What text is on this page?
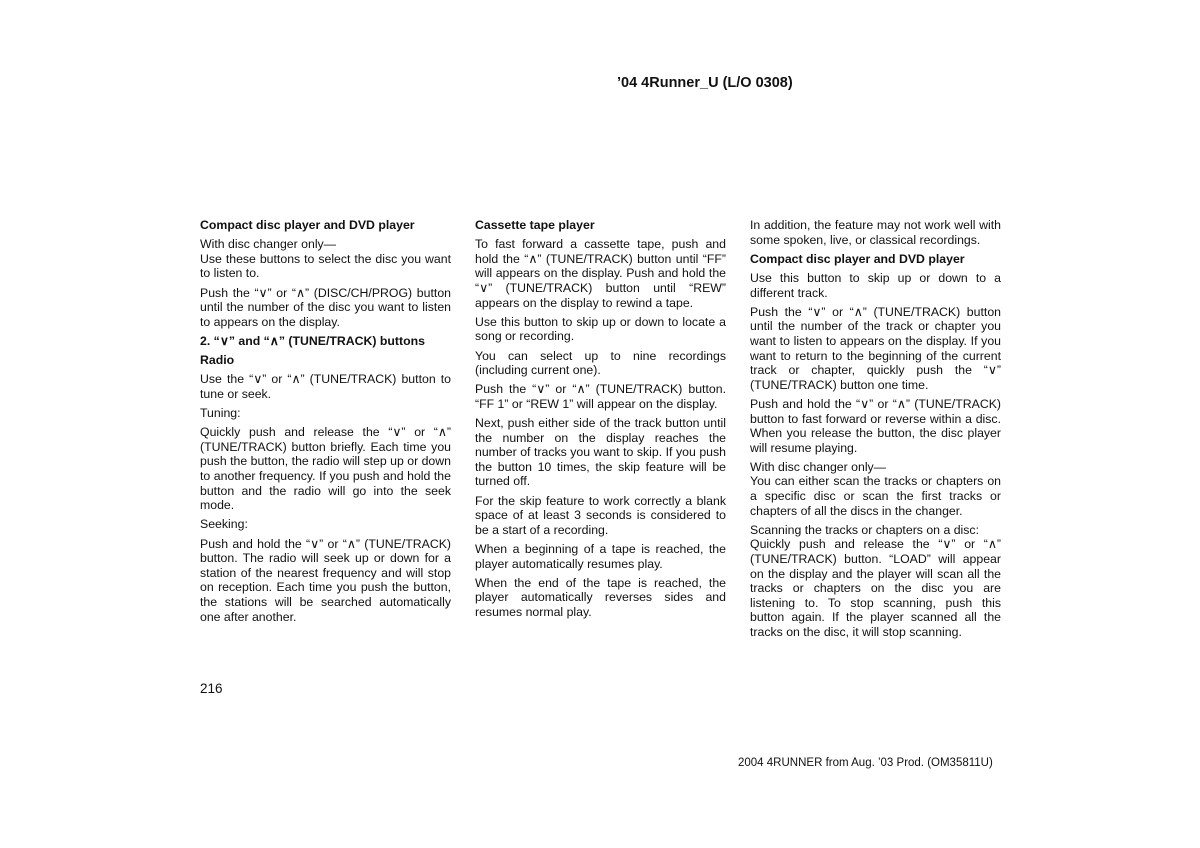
’04 4Runner_U (L/O 0308)
Compact disc player and DVD player

With disc changer only—

Use these buttons to select the disc you want to listen to.

Push the “∨” or “∧” (DISC/CH/PROG) button until the number of the disc you want to listen to appears on the display.

2. “∨” and “∧” (TUNE/TRACK) buttons
Radio

Use the “∨” or “∧” (TUNE/TRACK) button to tune or seek.

Tuning:

Quickly push and release the “∨” or “∧” (TUNE/TRACK) button briefly. Each time you push the button, the radio will step up or down to another frequency. If you push and hold the button and the radio will go into the seek mode.

Seeking:

Push and hold the “∨” or “∧” (TUNE/TRACK) button. The radio will seek up or down for a station of the nearest frequency and will stop on reception. Each time you push the button, the stations will be searched automatically one after another.

Cassette tape player

To fast forward a cassette tape, push and hold the “∧” (TUNE/TRACK) button until “FF” will appears on the display. Push and hold the “∨” (TUNE/TRACK) button until “REW” appears on the display to rewind a tape.

Use this button to skip up or down to locate a song or recording.

You can select up to nine recordings (including current one).

Push the “∨” or “∧” (TUNE/TRACK) button. “FF 1” or “REW 1” will appear on the display.

Next, push either side of the track button until the number on the display reaches the number of tracks you want to skip. If you push the button 10 times, the skip feature will be turned off.

For the skip feature to work correctly a blank space of at least 3 seconds is considered to be a start of a recording.

When a beginning of a tape is reached, the player automatically resumes play.

When the end of the tape is reached, the player automatically reverses sides and resumes normal play.

In addition, the feature may not work well with some spoken, live, or classical recordings.

Compact disc player and DVD player

Use this button to skip up or down to a different track.

Push the “∨” or “∧” (TUNE/TRACK) button until the number of the track or chapter you want to listen to appears on the display. If you want to return to the beginning of the current track or chapter, quickly push the “∨” (TUNE/TRACK) button one time.

Push and hold the “∨” or “∧” (TUNE/TRACK) button to fast forward or reverse within a disc. When you release the button, the disc player will resume playing.

With disc changer only—

You can either scan the tracks or chapters on a specific disc or scan the first tracks or chapters of all the discs in the changer.

Scanning the tracks or chapters on a disc:

Quickly push and release the “∨” or “∧” (TUNE/TRACK) button. “LOAD” will appear on the display and the player will scan all the tracks or chapters on the disc you are listening to. To stop scanning, push this button again. If the player scanned all the tracks on the disc, it will stop scanning.

216
2004 4RUNNER from Aug. ’03 Prod. (OM35811U)
